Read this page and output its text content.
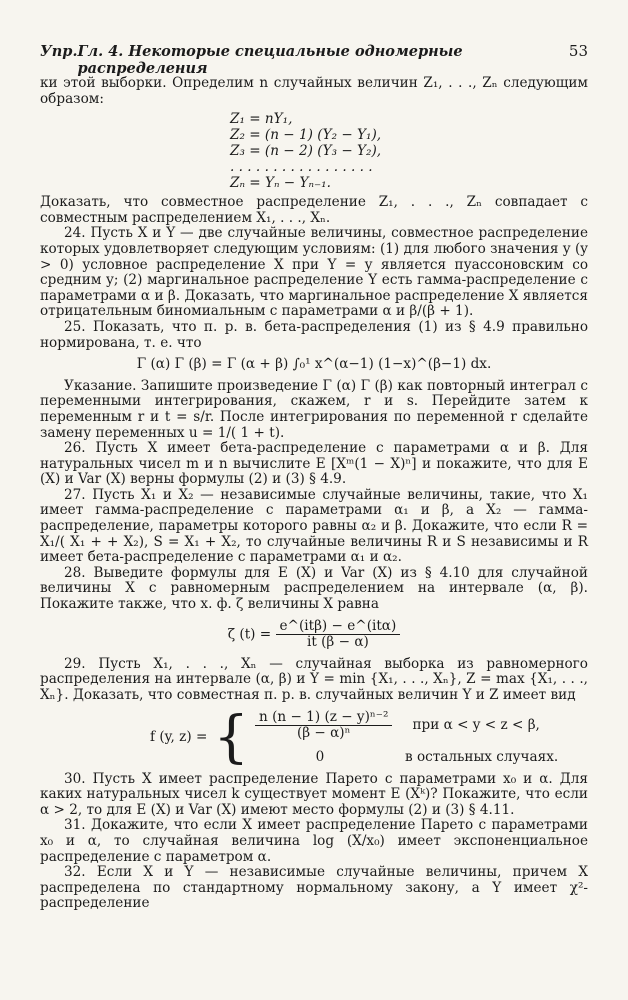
Упр. Гл. 4. Некоторые специальные одномерные распределения
53

ки этой выборки. Определим n случайных величин Z₁, . . ., Zₙ следующим образом:

Z₁ = nY₁,
Z₂ = (n − 1) (Y₂ − Y₁),
Z₃ = (n − 2) (Y₃ − Y₂),
. . . . . . . . . . . . . . . . .
Zₙ = Yₙ − Yₙ₋₁.

Доказать, что совместное распределение Z₁, . . ., Zₙ совпадает с совместным распределением X₁, . . ., Xₙ.

24. Пусть X и Y — две случайные величины, совместное распределение которых удовлетворяет следующим условиям: (1) для любого значения y (y > 0) условное распределение X при Y = y является пуассоновским со средним y; (2) маргинальное распределение Y есть гамма-распределение с параметрами α и β. Доказать, что маргинальное распределение X является отрицательным биномиальным с параметрами α и β/(β + 1).

25. Показать, что п. р. в. бета-распределения (1) из § 4.9 правильно нормирована, т. е. что

Γ (α) Γ (β) = Γ (α + β) ∫₀¹ x^(α−1) (1−x)^(β−1) dx.

Указание. Запишите произведение Γ (α) Γ (β) как повторный интеграл с переменными интегрирования, скажем, r и s. Перейдите затем к переменным r и t = s/r. После интегрирования по переменной r сделайте замену переменных u = 1/( 1 + t).

26. Пусть X имеет бета-распределение с параметрами α и β. Для натуральных чисел m и n вычислите E [Xᵐ(1 − X)ⁿ] и покажите, что для E (X) и Var (X) верны формулы (2) и (3) § 4.9.

27. Пусть X₁ и X₂ — независимые случайные величины, такие, что X₁ имеет гамма-распределение с параметрами α₁ и β, а X₂ — гамма-распределение, параметры которого равны α₂ и β. Докажите, что если R = X₁/( X₁ + + X₂), S = X₁ + X₂, то случайные величины R и S независимы и R имеет бета-распределение с параметрами α₁ и α₂.

28. Выведите формулы для E (X) и Var (X) из § 4.10 для случайной величины X с равномерным распределением на интервале (α, β). Покажите также, что х. ф. ζ величины X равна

ζ $(t) = \frac{\text{e\textasciicircum{}(itβ) − e\textasciicircum{}(itα)}}{it (\beta - \alpha)}$

29. Пусть X₁, . . ., Xₙ — случайная выборка из равномерного распределения на интервале (α, β) и Y = min {X₁, . . ., Xₙ}, Z = max {X₁, . . ., Xₙ}. Доказать, что совместная п. р. в. случайных величин Y и Z имеет вид

f (y, z) = { $\frac{\text{n (n − 1) (z − y)ⁿ⁻²}}{\text{(β − α)ⁿ}}$ при α < y < z < β,
0	в остальных случаях.

30. Пусть X имеет распределение Парето с параметрами x₀ и α. Для каких натуральных чисел k существует момент E (Xᵏ)? Покажите, что если α > 2, то для E (X) и Var (X) имеют место формулы (2) и (3) § 4.11.

31. Докажите, что если X имеет распределение Парето с параметрами x₀ и α, то случайная величина log (X/x₀) имеет экспоненциальное распределение с параметром α.

32. Если X и Y — независимые случайные величины, причем X распределена по стандартному нормальному закону, а Y имеет χ²-распределение
